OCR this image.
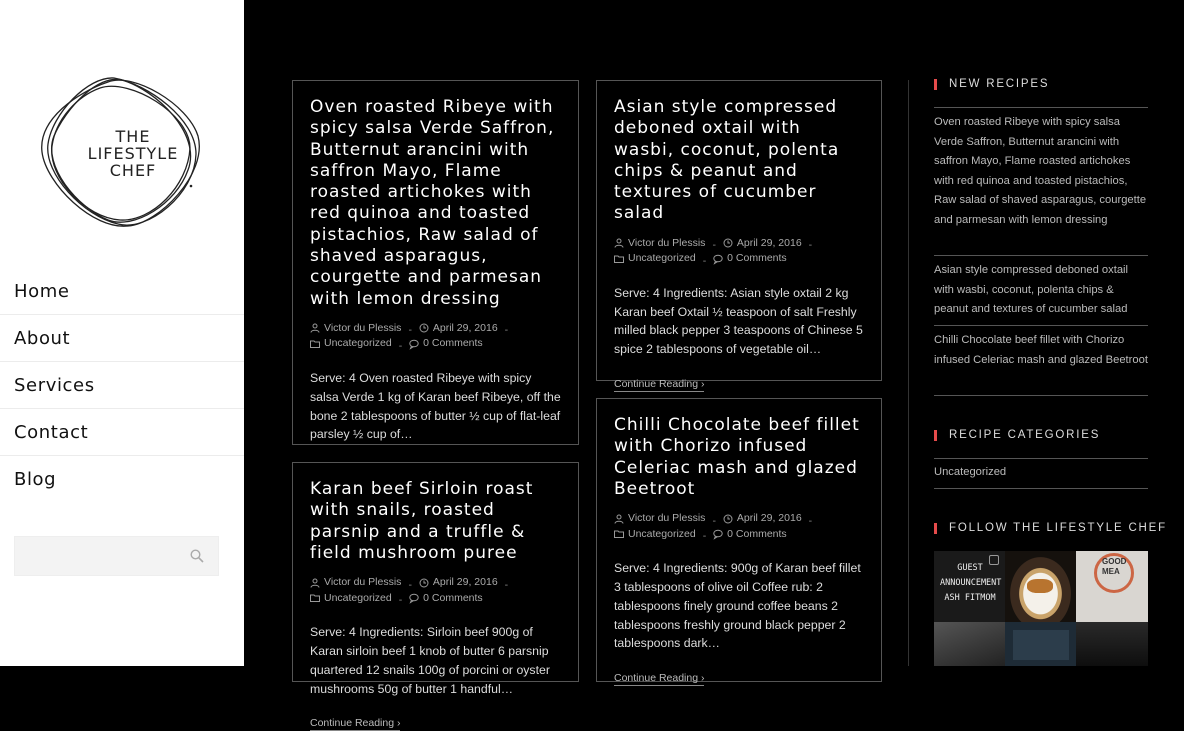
THE
LIFESTYLE
CHEF
Home
About
Services
Contact
Blog
Oven roasted Ribeye with spicy salsa Verde Saffron, Butternut arancini with saffron Mayo, Flame roasted artichokes with red quinoa and toasted pistachios, Raw salad of shaved asparagus, courgette and parmesan with lemon dressing
Victor du Plessis - April 29, 2016 -

Uncategorized - 0 Comments

Serve: 4 Oven roasted Ribeye with spicy salsa Verde 1 kg of Karan beef Ribeye, off the bone 2 tablespoons of butter ½ cup of flat-leaf parsley ½ cup of…

Asian style compressed deboned oxtail with wasbi, coconut, polenta chips & peanut and textures of cucumber salad
Victor du Plessis - April 29, 2016 -

Uncategorized - 0 Comments

Serve: 4 Ingredients: Asian style oxtail 2 kg Karan beef Oxtail ½ teaspoon of salt Freshly milled black pepper 3 teaspoons of Chinese 5 spice 2 tablespoons of vegetable oil…

Continue Reading ›
Karan beef Sirloin roast with snails, roasted parsnip and a truffle & field mushroom puree
Victor du Plessis - April 29, 2016 -

Uncategorized - 0 Comments

Serve: 4 Ingredients: Sirloin beef 900g of Karan sirloin beef 1 knob of butter 6 parsnip quartered 12 snails 100g of porcini or oyster mushrooms 50g of butter 1 handful…

Continue Reading ›
Chilli Chocolate beef fillet with Chorizo infused Celeriac mash and glazed Beetroot
Victor du Plessis - April 29, 2016 -

Uncategorized - 0 Comments

Serve: 4 Ingredients: 900g of Karan beef fillet 3 tablespoons of olive oil Coffee rub: 2 tablespoons finely ground coffee beans 2 tablespoons freshly ground black pepper 2 tablespoons dark…

Continue Reading ›
NEW RECIPES
Oven roasted Ribeye with spicy salsa Verde Saffron, Butternut arancini with saffron Mayo, Flame roasted artichokes with red quinoa and toasted pistachios, Raw salad of shaved asparagus, courgette and parmesan with lemon dressing
Asian style compressed deboned oxtail with wasbi, coconut, polenta chips & peanut and textures of cucumber salad
Chilli Chocolate beef fillet with Chorizo infused Celeriac mash and glazed Beetroot
RECIPE CATEGORIES
Uncategorized
FOLLOW THE LIFESTYLE CHEF
GUEST ANNOUNCEMENT ASH FITMOM
GOOD MEA
